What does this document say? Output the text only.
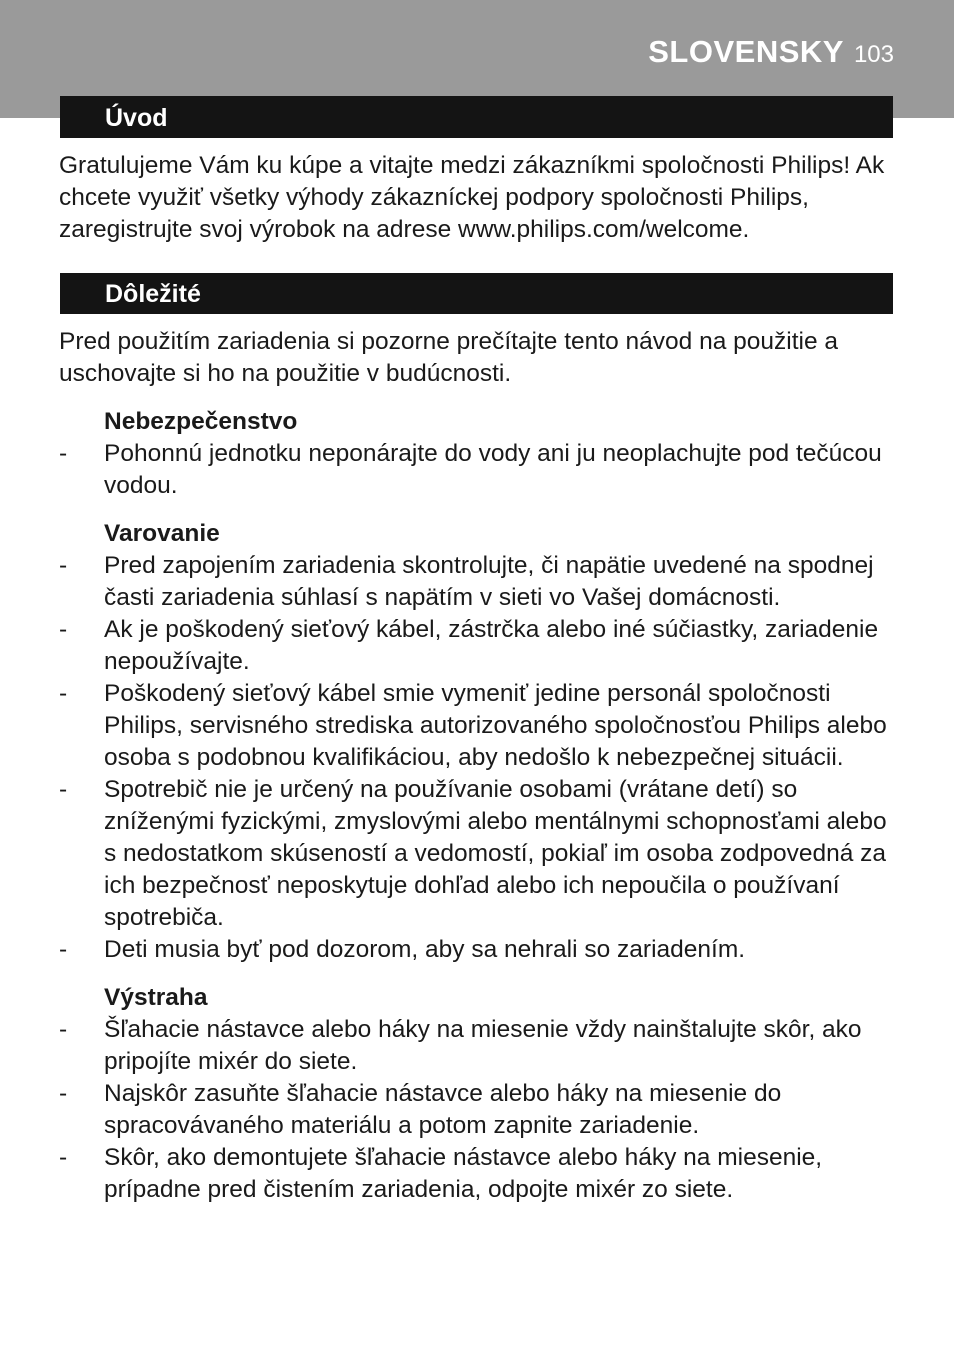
SLOVENSKY 103
Úvod

Gratulujeme Vám ku kúpe a vitajte medzi zákazníkmi spoločnosti Philips! Ak chcete využiť všetky výhody zákazníckej podpory spoločnosti Philips, zaregistrujte svoj výrobok na adrese www.philips.com/welcome.

Dôležité

Pred použitím zariadenia si pozorne prečítajte tento návod na použitie a uschovajte si ho na použitie v budúcnosti.

Nebezpečenstvo
- Pohonnú jednotku neponárajte do vody ani ju neoplachujte pod tečúcou vodou.
Varovanie
- Pred zapojením zariadenia skontrolujte, či napätie uvedené na spodnej časti zariadenia súhlasí s napätím v sieti vo Vašej domácnosti.
- Ak je poškodený sieťový kábel, zástrčka alebo iné súčiastky, zariadenie nepoužívajte.
- Poškodený sieťový kábel smie vymeniť jedine personál spoločnosti Philips, servisného strediska autorizovaného spoločnosťou Philips alebo osoba s podobnou kvalifikáciou, aby nedošlo k nebezpečnej situácii.
- Spotrebič nie je určený na používanie osobami (vrátane detí) so zníženými fyzickými, zmyslovými alebo mentálnymi schopnosťami alebo s nedostatkom skúseností a vedomostí, pokiaľ im osoba zodpovedná za ich bezpečnosť neposkytuje dohľad alebo ich nepoučila o používaní spotrebiča.
- Deti musia byť pod dozorom, aby sa nehrali so zariadením.
Výstraha
- Šľahacie nástavce alebo háky na miesenie vždy nainštalujte skôr, ako pripojíte mixér do siete.
- Najskôr zasuňte šľahacie nástavce alebo háky na miesenie do spracovávaného materiálu a potom zapnite zariadenie.
- Skôr, ako demontujete šľahacie nástavce alebo háky na miesenie, prípadne pred čistením zariadenia, odpojte mixér zo siete.
